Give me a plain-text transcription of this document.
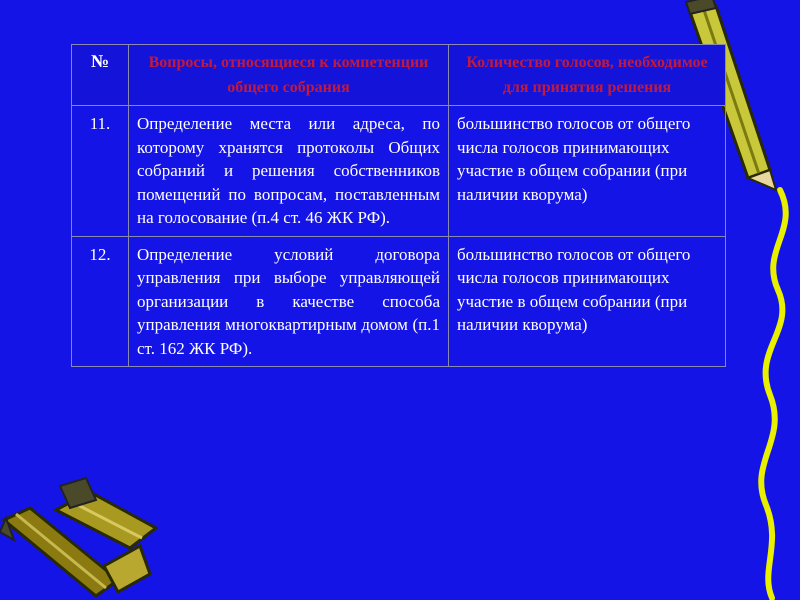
№	Вопросы, относящиеся к компетенции общего собрания	Количество голосов, необходимое для принятия решения
11.	Определение места или адреса, по которому хранятся протоколы Общих собраний и решения собственников помещений по вопросам, поставленным на голосование (п.4 ст. 46 ЖК РФ).	большинство голосов от общего числа голосов принимающих участие в общем собрании (при наличии кворума)
12.	Определение условий договора управления при выборе управляющей организации в качестве способа управления многоквартирным домом (п.1 ст. 162 ЖК РФ).	большинство голосов от общего числа голосов принимающих участие в общем собрании (при наличии кворума)
